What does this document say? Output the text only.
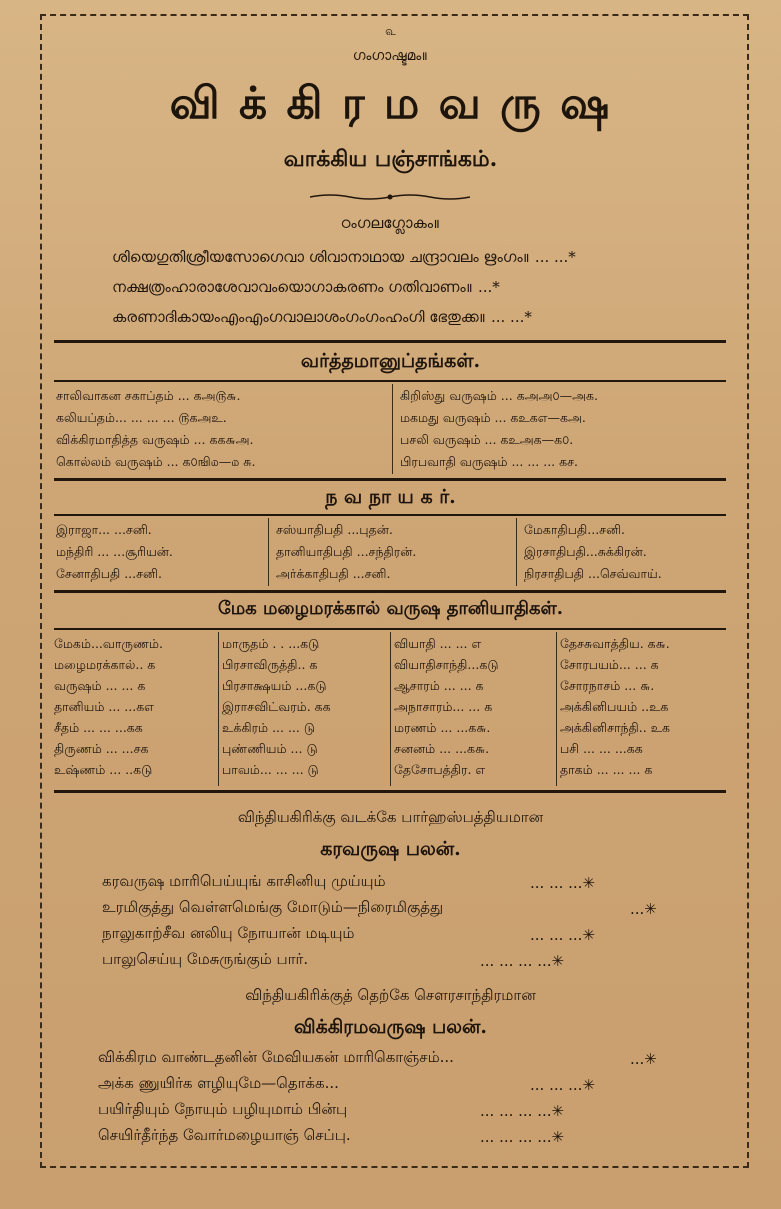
௳
ഗംഗാഷ്ടമം॥
வி க் கி ர ம வ ரு ஷ
வாக்கிய பஞ்சாங்கம்.
ഠംഗലഗ്ലോകം॥
ശിയെഗുതിശ്രീയസോഗെവാ ശിവാനാഥായ ചന്ദ്രാവലം ഋംഗം॥ ... ...*
നക്ഷത്രംഹാരാശേവാവംയൊഗാകരണം ഗതിവാണം॥ ...*
കരണാദികായംഎംഎംഗവാലാശംഗംഗംഹംഗി ഭേതുക്ക॥ ... ...*
வர்த்தமானுப்தங்கள்.
சாலிவாகன சகாப்தம் ... கஅ௫௬.
கலியப்தம்... ... ... ... ௫கஅஉ.
விக்கிரமாதித்த வருஷம் ... கக௬அ.
கொல்லம் வருஷம் ... க௦ஙி௰—௰ சு.
கிறிஸ்து வருஷம் ... கஅஅ௦—அக.
மகமது வருஷம் ... கஉகஎ—கஅ.
பசலி வருஷம் ... கஉஅக—க௦.
பிரபவாதி வருஷம் ... ... ... கச.
ந வ நா ய க ர்.
இராஜா... ...சனி.
மந்திரி ... ...சூரியன்.
சேனாதிபதி ...சனி.
சஸ்யாதிபதி ...புதன்.
தானியாதிபதி ...சந்திரன்.
அர்க்காதிபதி ...சனி.
மேகாதிபதி...சனி.
இரசாதிபதி...சுக்கிரன்.
நிரசாதிபதி ...செவ்வாய்.
மேக மழைமரக்கால் வருஷ தானியாதிகள்.
மேகம்...வாருணம்.
மழைமரக்கால்.. க
வருஷம் ... ... க
தானியம் ... ...கஎ
சீதம் ... ... ...கக
திருணம் ... ...சக
உஷ்ணம் ... ..கடு
மாருதம் . . ...கடு
பிரசாவிருத்தி.. க
பிரசாக்ஷயம் ...கடு
இராசவிட்வரம். கக
உக்கிரம் ... ... டு
புண்ணியம் ... டு
பாவம்... ... ... டு
வியாதி ... ... எ
வியாதிசாந்தி...கடு
ஆசாரம் ... ... க
அநாசாரம்... ... க
மரணம் ... ...க௬.
சனனம் ... ...க௬.
தேசோபத்திர. எ
தேசசுவாத்திய. க௬.
சோரபயம்... ... க
சோரநாசம் ... ௬.
அக்கினிபயம் ..உக
அக்கினிசாந்தி.. உக
பசி ... ... ...கக
தாகம் ... ... ... க
விந்தியகிரிக்கு வடக்கே பார்ஹஸ்பத்தியமான
கரவருஷ பலன்.
கரவருஷ மாரிபெய்யுங் காசினியு முய்யும்
உரமிகுத்து வெள்ளமெங்கு மோடும்—நிரைமிகுத்து
நாலுகாற்சீவ னலியு நோயான் மடியும்
பாலுசெய்யு மேசுருங்கும் பார்.
... ... ...✳
...✳
... ... ...✳
... ... ... ...✳
விந்தியகிரிக்குத் தெற்கே சௌரசாந்திரமான
விக்கிரமவருஷ பலன்.
விக்கிரம வாண்டதனின் மேவியகன் மாரிகொஞ்சம்...
அக்க ணுயிர்க ளழியுமே—தொக்க...
பயிர்தியும் நோயும் பழியுமாம் பின்பு
செயிர்தீர்ந்த வோர்மழையாஞ் செப்பு.
...✳
... ... ...✳
... ... ... ...✳
... ... ... ...✳
